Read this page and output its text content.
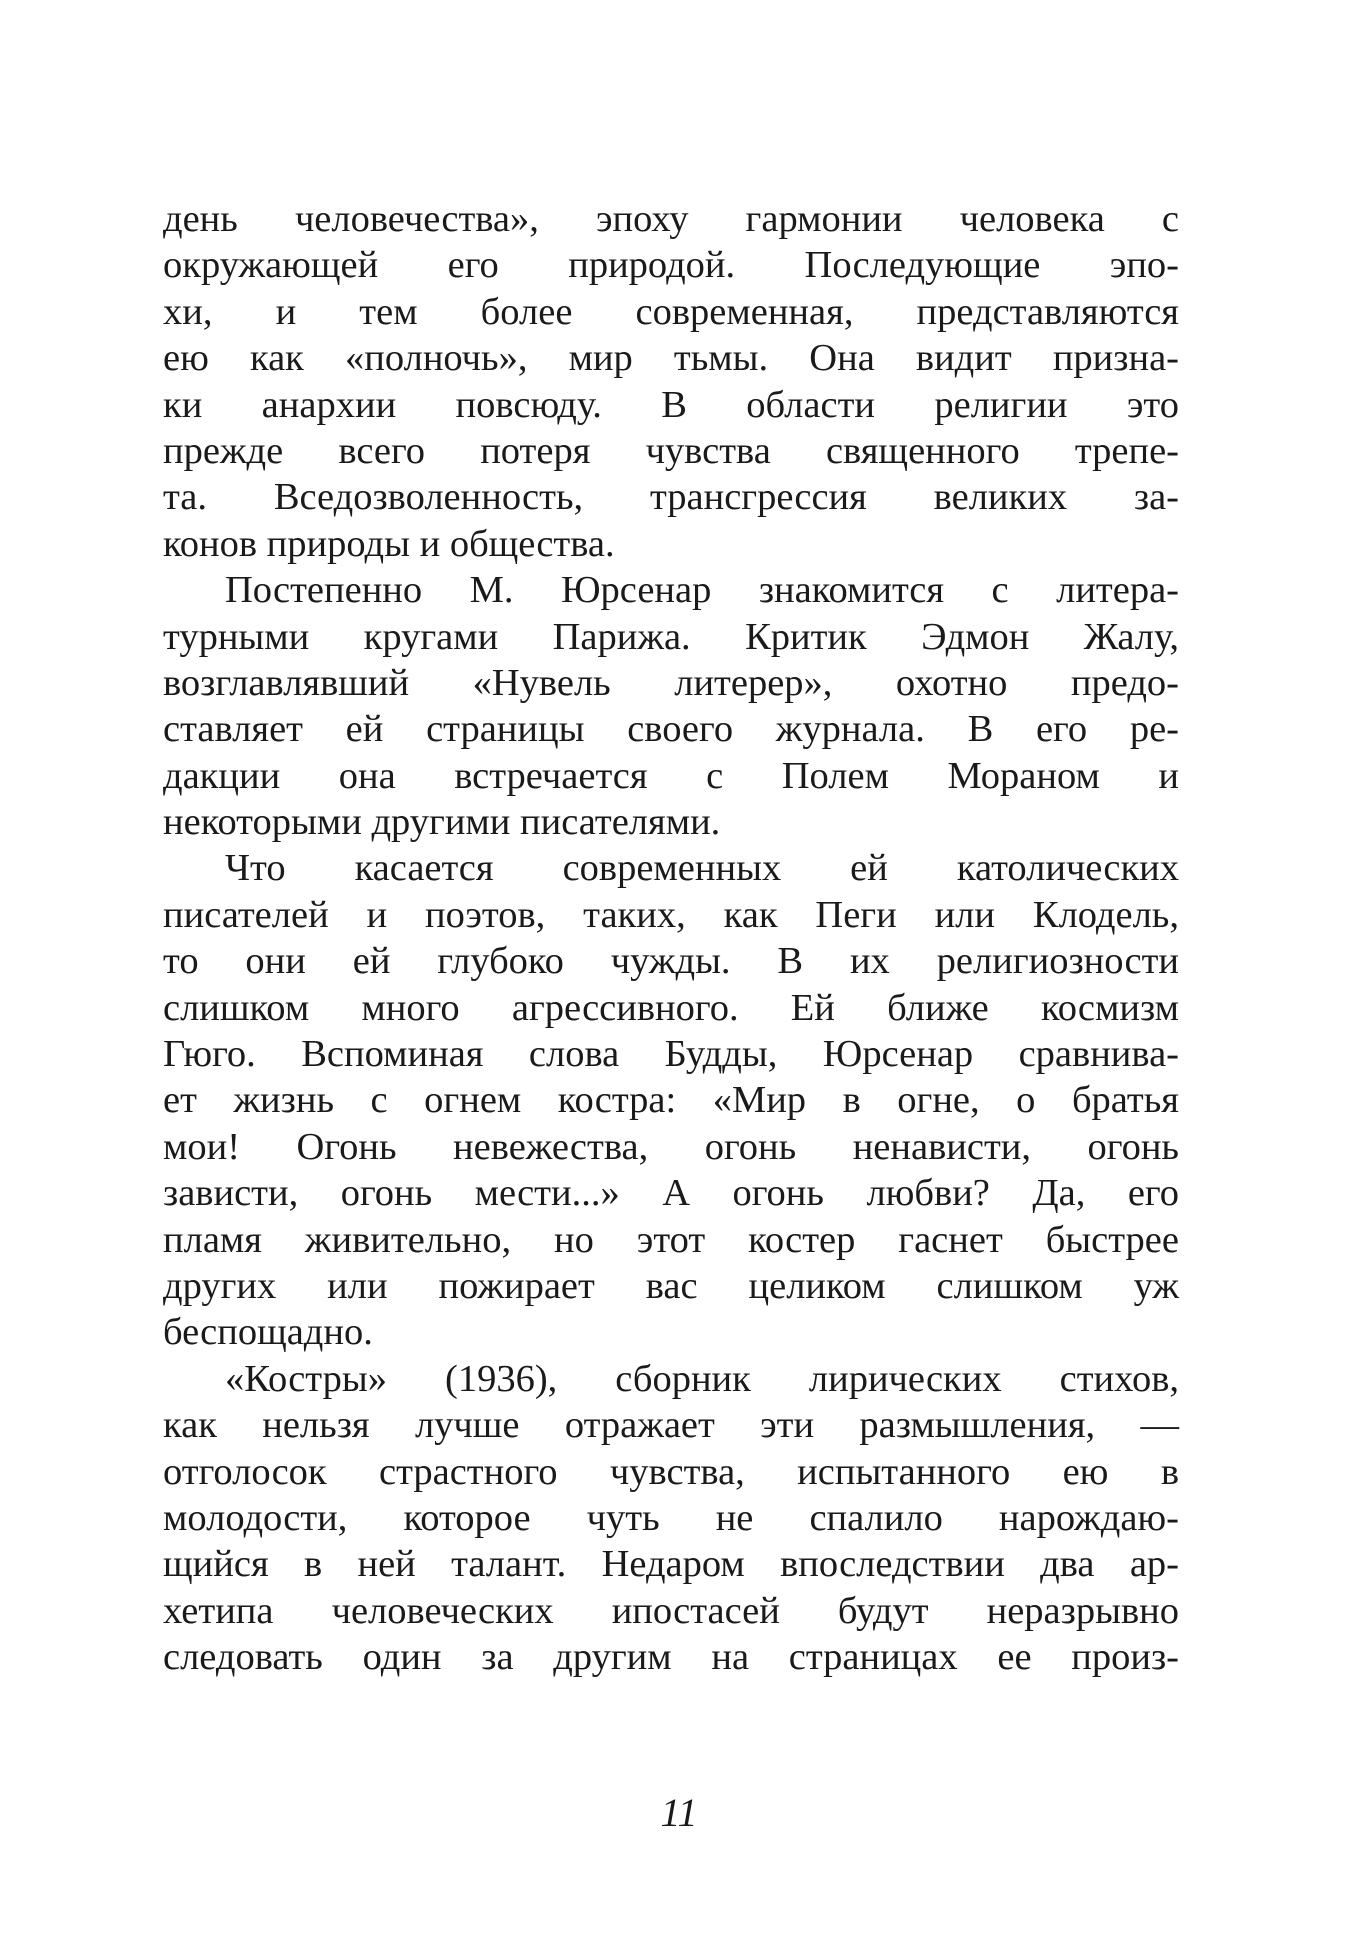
день человечества», эпоху гармонии человека с
окружающей его природой. Последующие эпо-
хи, и тем более современная, представляются
ею как «полночь», мир тьмы. Она видит призна-
ки анархии повсюду. В области религии это
прежде всего потеря чувства священного трепе-
та. Вседозволенность, трансгрессия великих за-
конов природы и общества.
Постепенно М. Юрсенар знакомится с литера-
турными кругами Парижа. Критик Эдмон Жалу,
возглавлявший «Нувель литерер», охотно предо-
ставляет ей страницы своего журнала. В его ре-
дакции она встречается с Полем Мораном и
некоторыми другими писателями.
Что касается современных ей католических
писателей и поэтов, таких, как Пеги или Клодель,
то они ей глубоко чужды. В их религиозности
слишком много агрессивного. Ей ближе космизм
Гюго. Вспоминая слова Будды, Юрсенар сравнива-
ет жизнь с огнем костра: «Мир в огне, о братья
мои! Огонь невежества, огонь ненависти, огонь
зависти, огонь мести...» А огонь любви? Да, его
пламя живительно, но этот костер гаснет быстрее
других или пожирает вас целиком слишком уж
беспощадно.
«Костры» (1936), сборник лирических стихов,
как нельзя лучше отражает эти размышления, —
отголосок страстного чувства, испытанного ею в
молодости, которое чуть не спалило нарождаю-
щийся в ней талант. Недаром впоследствии два ар-
хетипа человеческих ипостасей будут неразрывно
следовать один за другим на страницах ее произ-
11
